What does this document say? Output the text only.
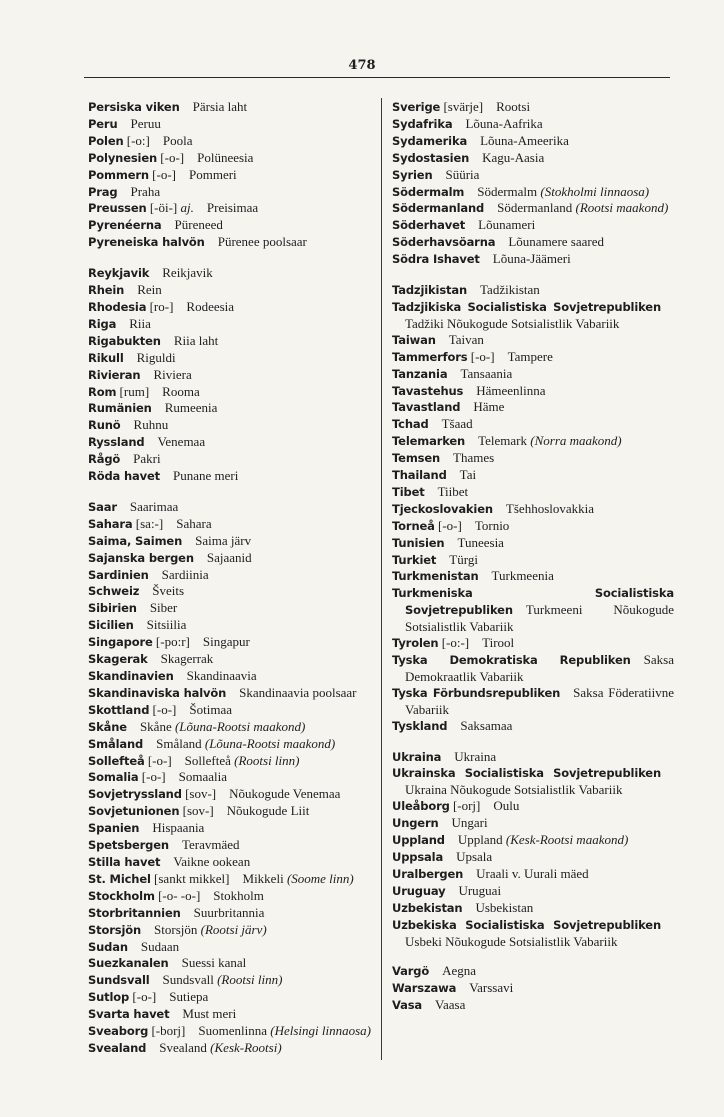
478
Persiska viken  Pärsia laht
Peru  Peruu
Polen [-o:]  Poola
Polynesien [-o-]  Polüneesia
Pommern [-o-]  Pommeri
Prag  Praha
Preussen [-öi-] aj.  Preisimaa
Pyrenéerna  Püreneed
Pyreneiska halvön  Pürenee poolsaar
Reykjavik  Reikjavik
Rhein  Rein
Rhodesia [ro-]  Rodeesia
Riga  Riia
Rigabukten  Riia laht
Rikull  Riguldi
Rivieran  Riviera
Rom [rum]  Rooma
Rumänien  Rumeenia
Runö  Ruhnu
Ryssland  Venemaa
Rågö  Pakri
Röda havet  Punane meri
Saar  Saarimaa
Sahara [sa:-]  Sahara
Saima, Saimen  Saima järv
Sajanska bergen  Sajaanid
Sardinien  Sardiinia
Schweiz  Šveits
Sibirien  Siber
Sicilien  Sitsiilia
Singapore [-po:r]  Singapur
Skagerak  Skagerrak
Skandinavien  Skandinaavia
Skandinaviska halvön  Skandinaavia poolsaar
Skottland [-o-]  Šotimaa
Skåne  Skåne (Lõuna-Rootsi maakond)
Småland  Småland (Lõuna-Rootsi maakond)
Sollefteå [-o-]  Sollefteå (Rootsi linn)
Somalia [-o-]  Somaalia
Sovjetryssland [sov-]  Nõukogude Venemaa
Sovjetunionen [sov-]  Nõukogude Liit
Spanien  Hispaania
Spetsbergen  Teravmäed
Stilla havet  Vaikne ookean
St. Michel [sankt mikkel]  Mikkeli (Soome linn)
Stockholm [-o- -o-]  Stokholm
Storbritannien  Suurbritannia
Storsjön  Storsjön (Rootsi järv)
Sudan  Sudaan
Suezkanalen  Suessi kanal
Sundsvall  Sundsvall (Rootsi linn)
Sutlop [-o-]  Sutiepa
Svarta havet  Must meri
Sveaborg [-borj]  Suomenlinna (Helsingi linnaosa)
Svealand  Svealand (Kesk-Rootsi)
Sverige [svärje]  Rootsi
Sydafrika  Lõuna-Aafrika
Sydamerika  Lõuna-Ameerika
Sydostasien  Kagu-Aasia
Syrien  Süüria
Södermalm  Södermalm (Stokholmi linnaosa)
Södermanland  Södermanland (Rootsi maakond)
Söderhavet  Lõunameri
Söderhavsöarna  Lõunamere saared
Södra Ishavet  Lõuna-Jäämeri
Tadzjikistan  Tadžikistan
Tadzjikiska Socialistiska Sovjetrepubliken Tadžiki Nõukogude Sotsialistlik Vabariik
Taiwan  Taivan
Tammerfors [-o-]  Tampere
Tanzania  Tansaania
Tavastehus  Hämeenlinna
Tavastland  Häme
Tchad  Tšaad
Telemarken  Telemark (Norra maakond)
Temsen  Thames
Thailand  Tai
Tibet  Tiibet
Tjeckoslovakien  Tšehhoslovakkia
Torneå [-o-]  Tornio
Tunisien  Tuneesia
Turkiet  Türgi
Turkmenistan  Turkmeenia
Turkmeniska Socialistiska Sovjetrepubliken  Turkmeeni Nõukogude Sotsialistlik Vabariik
Tyrolen [-o:-]  Tirool
Tyska Demokratiska Republiken  Saksa Demokraatlik Vabariik
Tyska Förbundsrepubliken  Saksa Föderatiivne Vabariik
Tyskland  Saksamaa
Ukraina  Ukraina
Ukrainska Socialistiska Sovjetrepubliken Ukraina Nõukogude Sotsialistlik Vabariik
Uleåborg [-orj]  Oulu
Ungern  Ungari
Uppland  Uppland (Kesk-Rootsi maakond)
Uppsala  Upsala
Uralbergen  Uraali v. Uurali mäed
Uruguay  Uruguai
Uzbekistan  Usbekistan
Uzbekiska Socialistiska Sovjetrepubliken Usbeki Nõukogude Sotsialistlik Vabariik
Vargö  Aegna
Warszawa  Varssavi
Vasa  Vaasa
